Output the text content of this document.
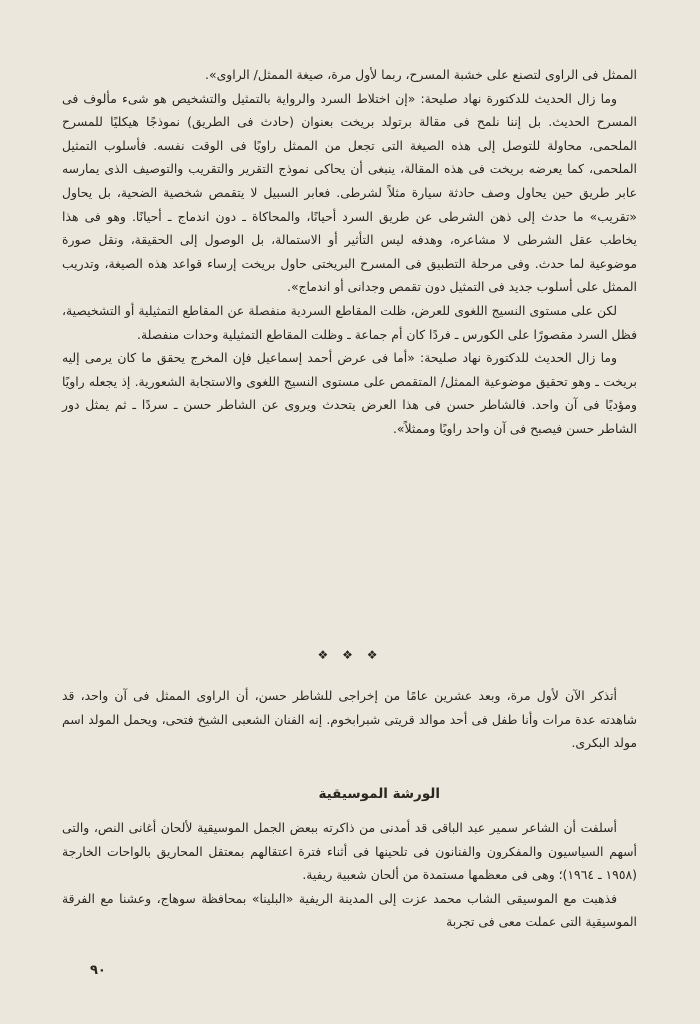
الممثل فى الراوى لتصنع على خشبة المسرح، ربما لأول مرة، صيغة الممثل/ الراوى».

وما زال الحديث للدكتورة نهاد صليحة: «إن اختلاط السرد والرواية بالتمثيل والتشخيص هو شىء مألوف فى المسرح الحديث. بل إننا نلمح فى مقالة برتولد بريخت بعنوان (حادث فى الطريق) نموذجًا هيكليًا للمسرح الملحمى، محاولة للتوصل إلى هذه الصيغة التى تجعل من الممثل راويًا فى الوقت نفسه. فأسلوب التمثيل الملحمى، كما يعرضه بريخت فى هذه المقالة، ينبغى أن يحاكى نموذج التقرير والتقريب والتوصيف الذى يمارسه عابر طريق حين يحاول وصف حادثة سيارة مثلاً لشرطى. فعابر السبيل لا يتقمص شخصية الضحية، بل يحاول «تقريب» ما حدث إلى ذهن الشرطى عن طريق السرد أحيانًا، والمحاكاة ـ دون اندماج ـ أحيانًا. وهو فى هذا يخاطب عقل الشرطى لا مشاعره، وهدفه ليس التأثير أو الاستمالة، بل الوصول إلى الحقيقة، ونقل صورة موضوعية لما حدث. وفى مرحلة التطبيق فى المسرح البريختى حاول بريخت إرساء قواعد هذه الصيغة، وتدريب الممثل على أسلوب جديد فى التمثيل دون تقمص وجدانى أو اندماج».

لكن على مستوى النسيج اللغوى للعرض، ظلت المقاطع السردية منفصلة عن المقاطع التمثيلية أو التشخيصية، فظل السرد مقصورًا على الكورس ـ فردًا كان أم جماعة ـ وظلت المقاطع التمثيلية وحدات منفصلة.

وما زال الحديث للدكتورة نهاد صليحة: «أما فى عرض أحمد إسماعيل فإن المخرج يحقق ما كان يرمى إليه بريخت ـ وهو تحقيق موضوعية الممثل/ المتقمص على مستوى النسيج اللغوى والاستجابة الشعورية. إذ يجعله راويًا ومؤديًا فى آن واحد. فالشاطر حسن فى هذا العرض يتحدث ويروى عن الشاطر حسن ـ سردًا ـ ثم يمثل دور الشاطر حسن فيصبح فى آن واحد راويًا وممثلاً».

❖ ❖ ❖

أتذكر الآن لأول مرة، وبعد عشرين عامًا من إخراجى للشاطر حسن، أن الراوى الممثل فى آن واحد، قد شاهدته عدة مرات وأنا طفل فى أحد موالد قريتى شبرابخوم. إنه الفنان الشعبى الشيخ فتحى، ويحمل المولد اسم مولد البكرى.

الورشة الموسيقية

أسلفت أن الشاعر سمير عبد الباقى قد أمدنى من ذاكرته ببعض الجمل الموسيقية لألحان أغانى النص، والتى أسهم السياسيون والمفكرون والفنانون فى تلحينها فى أثناء فترة اعتقالهم بمعتقل المحاريق بالواحات الخارجة (١٩٥٨ ـ ١٩٦٤)؛ وهى فى معظمها مستمدة من ألحان شعبية ريفية.

فذهبت مع الموسيقى الشاب محمد عزت إلى المدينة الريفية «البلينا» بمحافظة سوهاج، وعشنا مع الفرقة الموسيقية التى عملت معى فى تجربة

٩٠
